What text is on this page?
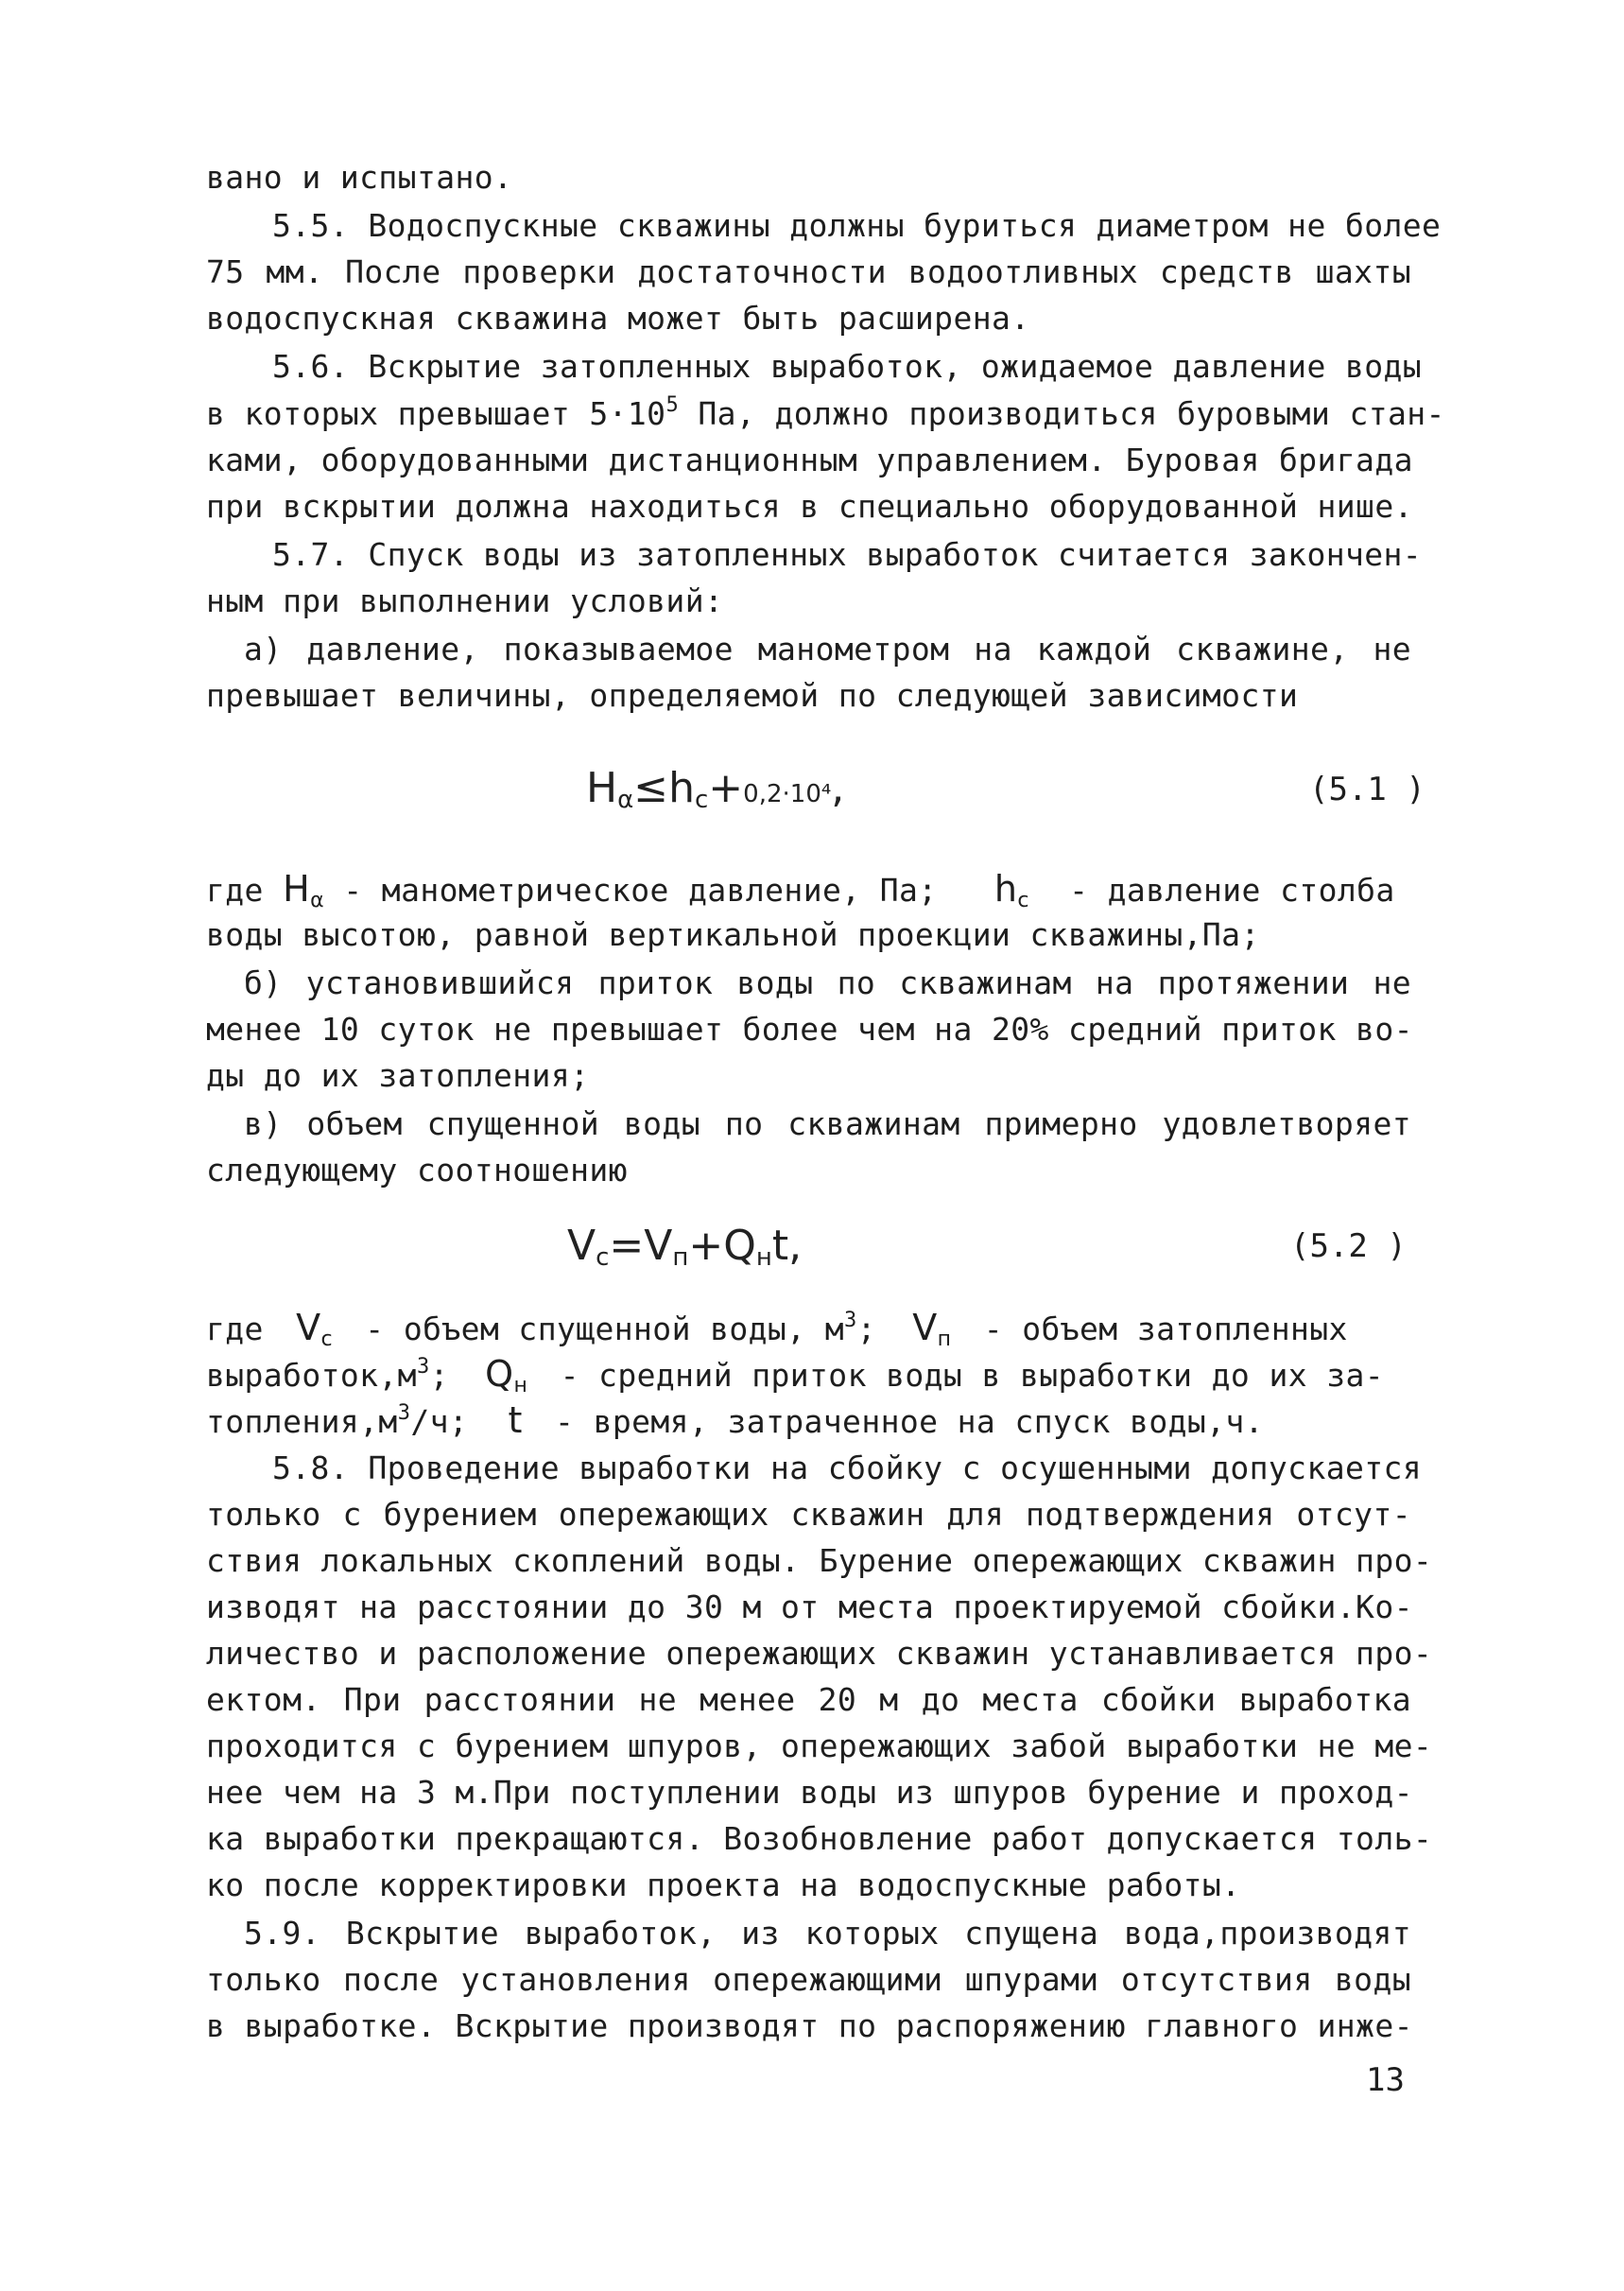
вано и испытано.
5.5. Водоспускные скважины должны буриться диаметром не более
75 мм. После проверки достаточности водоотливных средств шахты
водоспускная скважина может быть расширена.
5.6. Вскрытие затопленных выработок, ожидаемое давление воды
в которых превышает $5\cdot 10^5$ Па, должно производиться буровыми стан-
ками, оборудованными дистанционным управлением. Буровая бригада
при вскрытии должна находиться в специально оборудованной нише.
5.7. Спуск воды из затопленных выработок считается закончен-
ным при выполнении условий:
а) давление, показываемое манометром на каждой скважине, не
превышает величины, определяемой по следующей зависимости
$H_\alpha\le h_c+0,2\cdot 10^4$,	(5.1 )
где $H_\alpha$ - манометрическое давление, Па; $h_c$ - давление столба
воды высотою, равной вертикальной проекции скважины,Па;
б) установившийся приток воды по скважинам на протяжении не
менее 10 суток не превышает более чем на 20% средний приток во-
ды до их затопления;
в) объем спущенной воды по скважинам примерно удовлетворяет
следующему соотношению
$V_c=V_п+Q_нt$,	(5.2 )
где $V_c$ - объем спущенной воды, $м^3$; $V_п$ - объем затопленных
$выработок,м^3$; $Q_н$ - средний приток воды в выработки до их за-
$топления,м^3/ч$; t - время, затраченное на спуск воды,ч.
5.8. Проведение выработки на сбойку с осушенными допускается
только с бурением опережающих скважин для подтверждения отсут-
ствия локальных скоплений воды. Бурение опережающих скважин про-
изводят на расстоянии до 30 м от места проектируемой сбойки.Ко-
личество и расположение опережающих скважин устанавливается про-
ектом. При расстоянии не менее 20 м до места сбойки выработка
проходится с бурением шпуров, опережающих забой выработки не ме-
нее чем на 3 м.При поступлении воды из шпуров бурение и проход-
ка выработки прекращаются. Возобновление работ допускается толь-
ко после корректировки проекта на водоспускные работы.
5.9. Вскрытие выработок, из которых спущена вода,производят
только после установления опережающими шпурами отсутствия воды
в выработке. Вскрытие производят по распоряжению главного инже-
13
